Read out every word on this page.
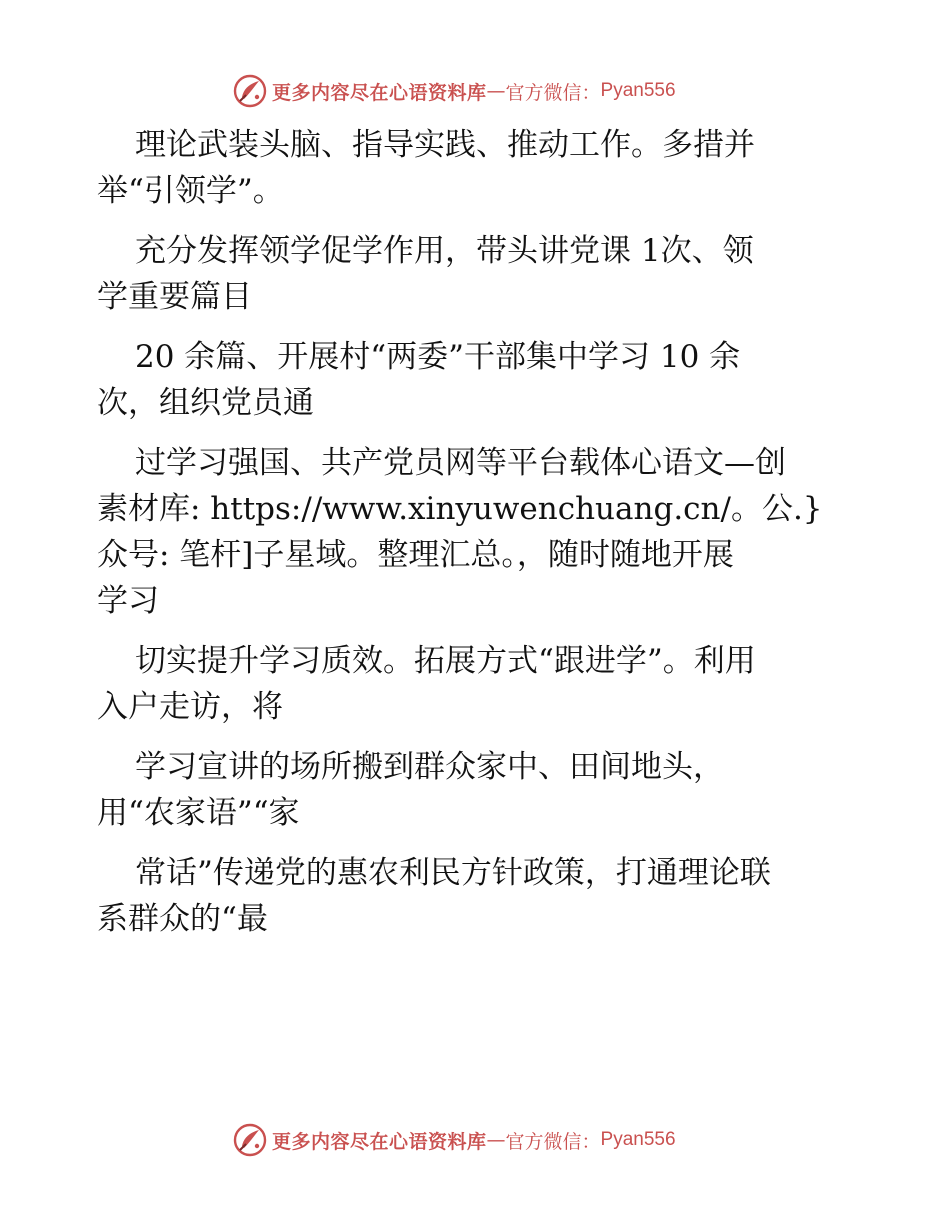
更多内容尽在心语资料库 — 官方微信： Pyan556

理论武装头脑、指导实践、推动工作。多措并

举“引领学”。

充分发挥领学促学作用，带头讲党课 1次、领

学重要篇目

20 余篇、开展村“两委”干部集中学习 10 余

次，组织党员通

过学习强国、共产党员网等平台载体心语文—创

素材库: https://www.xinyuwenchuang.cn/。公.}

众号: 笔杆]子星域。整理汇总。，随时随地开展

学习

切实提升学习质效。拓展方式“跟进学”。利用

入户走访，将

学习宣讲的场所搬到群众家中、田间地头，

用“农家语”“家

常话”传递党的惠农利民方针政策，打通理论联

系群众的“最

更多内容尽在心语资料库 — 官方微信： Pyan556
